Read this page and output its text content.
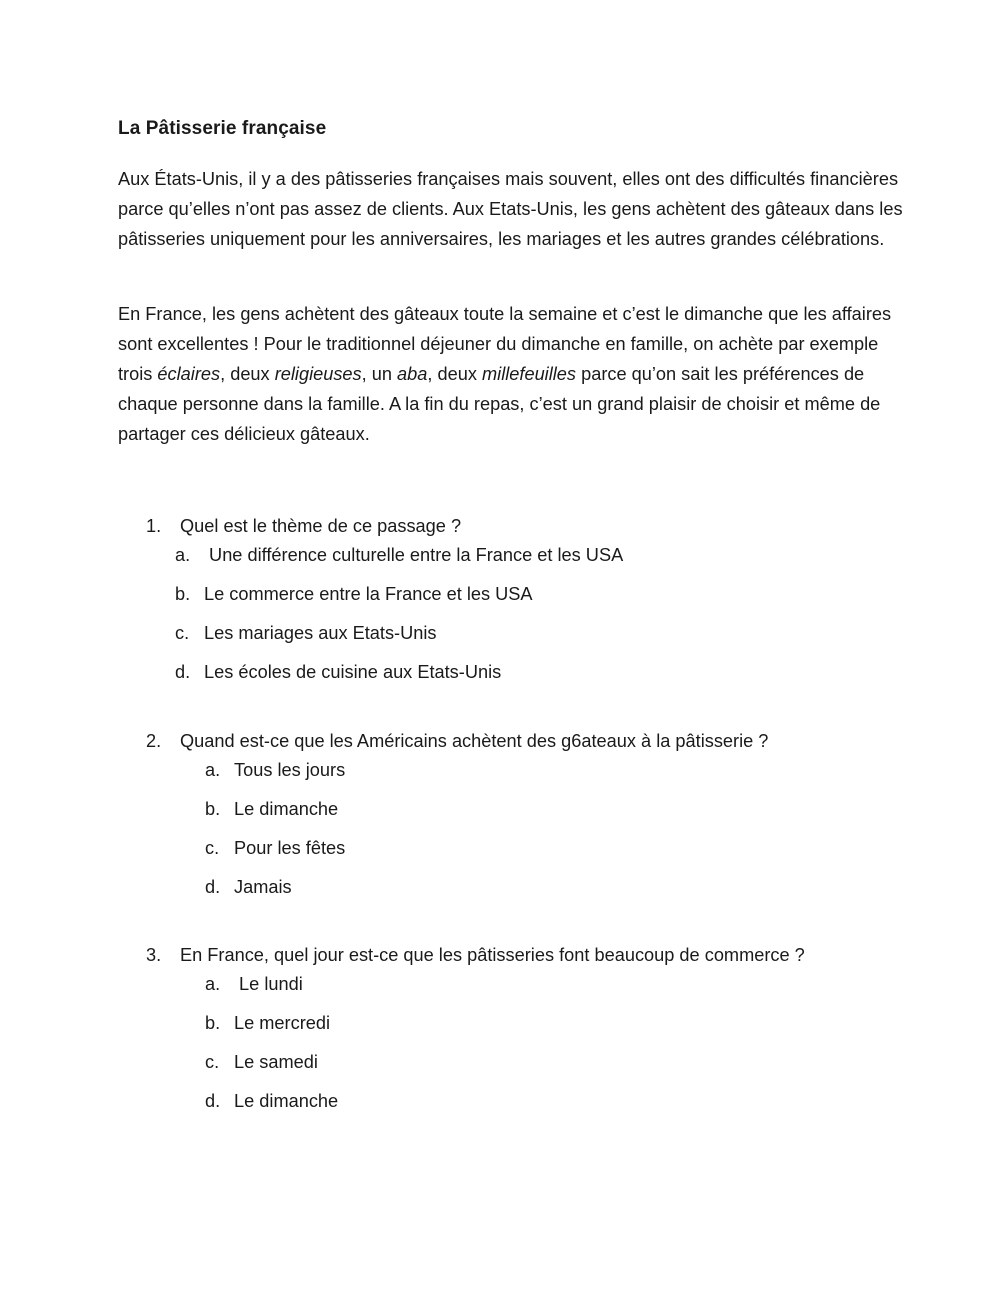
La Pâtisserie française

Aux États-Unis, il y a des pâtisseries françaises mais souvent, elles ont des difficultés financières parce qu’elles n’ont pas assez de clients. Aux Etats-Unis, les gens achètent des gâteaux dans les pâtisseries uniquement pour les anniversaires, les mariages et les autres grandes célébrations.

En France, les gens achètent des gâteaux toute la semaine et c’est le dimanche que les affaires sont excellentes ! Pour le traditionnel déjeuner du dimanche en famille, on achète par exemple trois éclaires, deux religieuses, un aba, deux millefeuilles parce qu’on sait les préférences de chaque personne dans la famille. A la fin du repas, c’est un grand plaisir de choisir et même de partager ces délicieux gâteaux.

1. Quel est le thème de ce passage ?

a. Une différence culturelle entre la France et les USA
b. Le commerce entre la France et les USA
c. Les mariages aux Etats-Unis
d. Les écoles de cuisine aux Etats-Unis

2. Quand est-ce que les Américains achètent des g6ateaux à la pâtisserie ?

a. Tous les jours
b. Le dimanche
c. Pour les fêtes
d. Jamais

3. En France, quel jour est-ce que les pâtisseries font beaucoup de commerce ?

a. Le lundi
b. Le mercredi
c. Le samedi
d. Le dimanche
